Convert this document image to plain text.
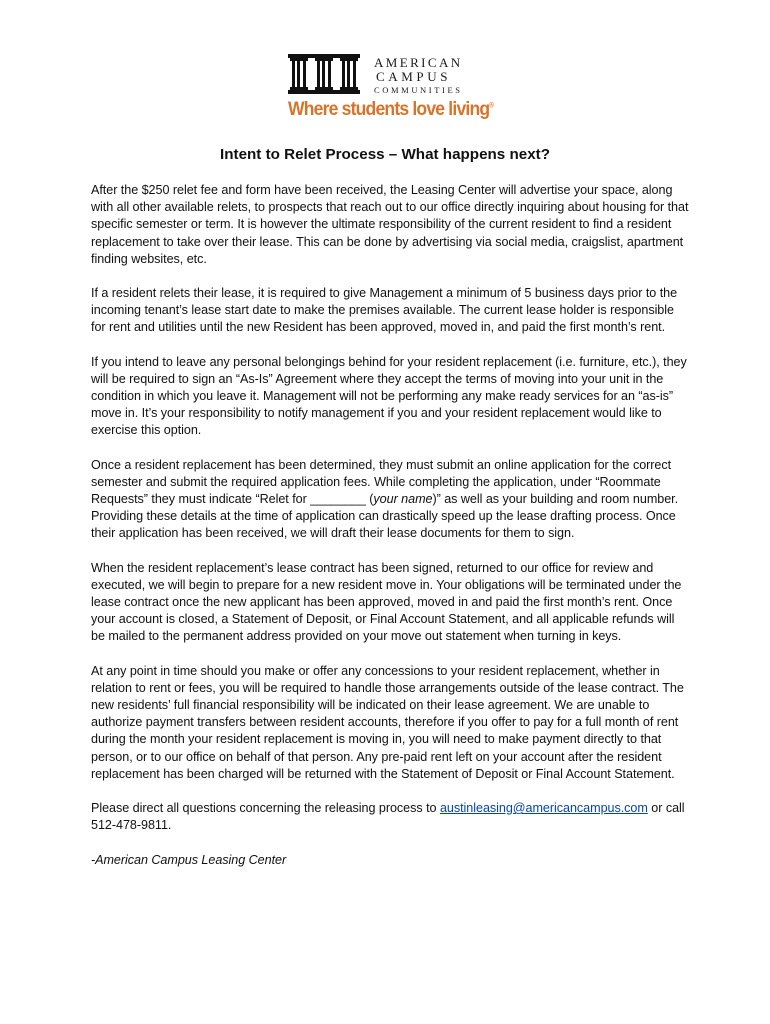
AMERICAN
CAMPUS
COMMUNITIES
Where students love living®
Intent to Relet Process – What happens next?

After the $250 relet fee and form have been received, the Leasing Center will advertise your space, along with all other available relets, to prospects that reach out to our office directly inquiring about housing for that specific semester or term. It is however the ultimate responsibility of the current resident to find a resident replacement to take over their lease. This can be done by advertising via social media, craigslist, apartment finding websites, etc.

If a resident relets their lease, it is required to give Management a minimum of 5 business days prior to the incoming tenant’s lease start date to make the premises available. The current lease holder is responsible for rent and utilities until the new Resident has been approved, moved in, and paid the first month’s rent.

If you intend to leave any personal belongings behind for your resident replacement (i.e. furniture, etc.), they will be required to sign an “As-Is” Agreement where they accept the terms of moving into your unit in the condition in which you leave it. Management will not be performing any make ready services for an “as-is” move in. It’s your responsibility to notify management if you and your resident replacement would like to exercise this option.

Once a resident replacement has been determined, they must submit an online application for the correct semester and submit the required application fees. While completing the application, under “Roommate Requests” they must indicate “Relet for ________ (your name)” as well as your building and room number. Providing these details at the time of application can drastically speed up the lease drafting process. Once their application has been received, we will draft their lease documents for them to sign.

When the resident replacement’s lease contract has been signed, returned to our office for review and executed, we will begin to prepare for a new resident move in. Your obligations will be terminated under the lease contract once the new applicant has been approved, moved in and paid the first month’s rent. Once your account is closed, a Statement of Deposit, or Final Account Statement, and all applicable refunds will be mailed to the permanent address provided on your move out statement when turning in keys.

At any point in time should you make or offer any concessions to your resident replacement, whether in relation to rent or fees, you will be required to handle those arrangements outside of the lease contract. The new residents’ full financial responsibility will be indicated on their lease agreement. We are unable to authorize payment transfers between resident accounts, therefore if you offer to pay for a full month of rent during the month your resident replacement is moving in, you will need to make payment directly to that person, or to our office on behalf of that person. Any pre-paid rent left on your account after the resident replacement has been charged will be returned with the Statement of Deposit or Final Account Statement.

Please direct all questions concerning the releasing process to austinleasing@americancampus.com or call 512-478-9811.

-American Campus Leasing Center
